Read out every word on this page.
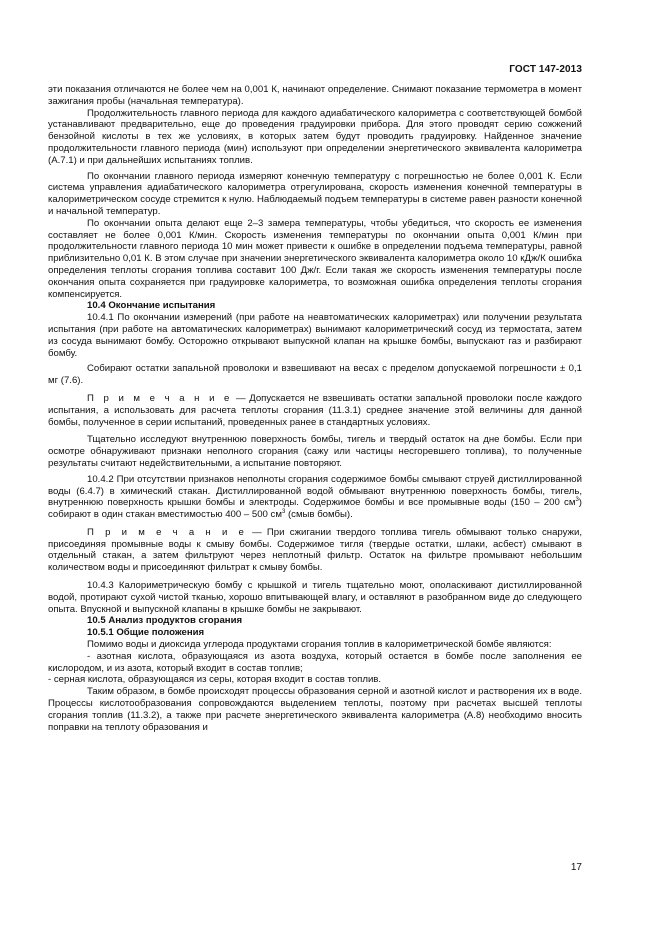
ГОСТ 147-2013

эти показания отличаются не более чем на 0,001 К, начинают определение. Снимают показание термометра в момент зажигания пробы (начальная температура).

Продолжительность главного периода для каждого адиабатического калориметра с соответствующей бомбой устанавливают предварительно, еще до проведения градуировки прибора. Для этого проводят серию сожжений бензойной кислоты в тех же условиях, в которых затем будут проводить градуировку. Найденное значение продолжительности главного периода (мин) используют при определении энергетического эквивалента калориметра (А.7.1) и при дальнейших испытаниях топлив.

По окончании главного периода измеряют конечную температуру с погрешностью не более 0,001 К. Если система управления адиабатического калориметра отрегулирована, скорость изменения конечной температуры в калориметрическом сосуде стремится к нулю. Наблюдаемый подъем температуры в системе равен разности конечной и начальной температур.

По окончании опыта делают еще 2–3 замера температуры, чтобы убедиться, что скорость ее изменения составляет не более 0,001 К/мин. Скорость изменения температуры по окончании опыта 0,001 К/мин при продолжительности главного периода 10 мин может привести к ошибке в определении подъема температуры, равной приблизительно 0,01 К. В этом случае при значении энергетического эквивалента калориметра около 10 кДж/К ошибка определения теплоты сгорания топлива составит 100 Дж/г. Если такая же скорость изменения температуры после окончания опыта сохраняется при градуировке калориметра, то возможная ошибка определения теплоты сгорания компенсируется.

10.4 Окончание испытания

10.4.1 По окончании измерений (при работе на неавтоматических калориметрах) или получении результата испытания (при работе на автоматических калориметрах) вынимают калориметрический сосуд из термостата, затем из сосуда вынимают бомбу. Осторожно открывают выпускной клапан на крышке бомбы, выпускают газ и разбирают бомбу.

Собирают остатки запальной проволоки и взвешивают на весах с пределом допускаемой погрешности ± 0,1 мг (7.6).

П р и м е ч а н и е — Допускается не взвешивать остатки запальной проволоки после каждого испытания, а использовать для расчета теплоты сгорания (11.3.1) среднее значение этой величины для данной бомбы, полученное в серии испытаний, проведенных ранее в стандартных условиях.

Тщательно исследуют внутреннюю поверхность бомбы, тигель и твердый остаток на дне бомбы. Если при осмотре обнаруживают признаки неполного сгорания (сажу или частицы несгоревшего топлива), то полученные результаты считают недействительными, а испытание повторяют.

10.4.2 При отсутствии признаков неполноты сгорания содержимое бомбы смывают струей дистиллированной воды (6.4.7) в химический стакан. Дистиллированной водой обмывают внутреннюю поверхность бомбы, тигель, внутреннюю поверхность крышки бомбы и электроды. Содержимое бомбы и все промывные воды (150 – 200 $см^3$) собирают в один стакан вместимостью 400 – 500 $см^3$ (смыв бомбы).

П р и м е ч а н и е — При сжигании твердого топлива тигель обмывают только снаружи, присоединяя промывные воды к смыву бомбы. Содержимое тигля (твердые остатки, шлаки, асбест) смывают в отдельный стакан, а затем фильтруют через неплотный фильтр. Остаток на фильтре промывают небольшим количеством воды и присоединяют фильтрат к смыву бомбы.

10.4.3 Калориметрическую бомбу с крышкой и тигель тщательно моют, ополаскивают дистиллированной водой, протирают сухой чистой тканью, хорошо впитывающей влагу, и оставляют в разобранном виде до следующего опыта. Впускной и выпускной клапаны в крышке бомбы не закрывают.

10.5 Анализ продуктов сгорания

10.5.1 Общие положения

Помимо воды и диоксида углерода продуктами сгорания топлив в калориметрической бомбе являются:

- азотная кислота, образующаяся из азота воздуха, который остается в бомбе после заполнения ее кислородом, и из азота, который входит в состав топлив;

- серная кислота, образующаяся из серы, которая входит в состав топлив.

Таким образом, в бомбе происходят процессы образования серной и азотной кислот и растворения их в воде. Процессы кислотообразования сопровождаются выделением теплоты, поэтому при расчетах высшей теплоты сгорания топлив (11.3.2), а также при расчете энергетического эквивалента калориметра (А.8) необходимо вносить поправки на теплоту образования и

17
